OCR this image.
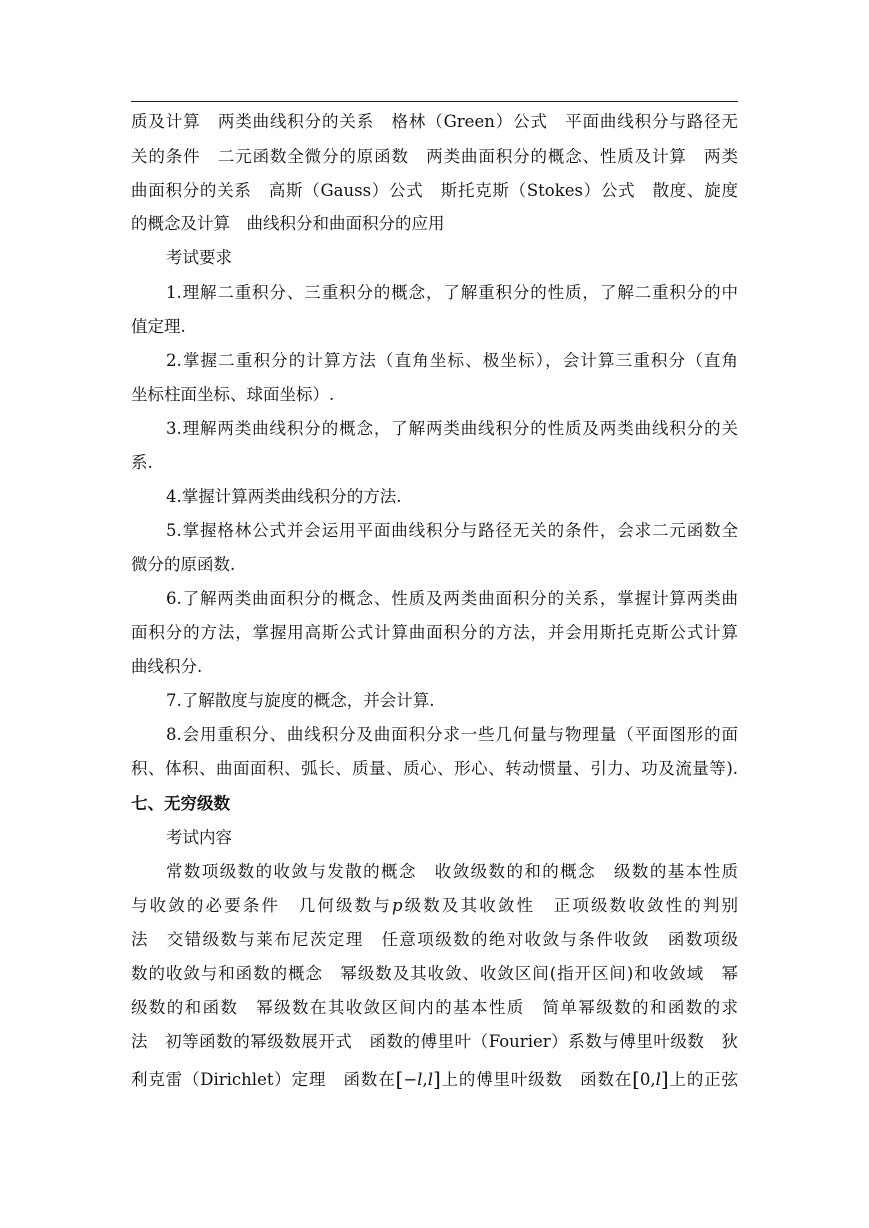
质及计算　两类曲线积分的关系　格林（Green）公式　平面曲线积分与路径无
关的条件　二元函数全微分的原函数　两类曲面积分的概念、性质及计算　两类
曲面积分的关系　高斯（Gauss）公式　斯托克斯（Stokes）公式　散度、旋度
的概念及计算　曲线积分和曲面积分的应用
考试要求
1.理解二重积分、三重积分的概念，了解重积分的性质，了解二重积分的中
值定理.
2.掌握二重积分的计算方法（直角坐标、极坐标），会计算三重积分（直角
坐标柱面坐标、球面坐标）.
3.理解两类曲线积分的概念，了解两类曲线积分的性质及两类曲线积分的关
系.
4.掌握计算两类曲线积分的方法.
5.掌握格林公式并会运用平面曲线积分与路径无关的条件，会求二元函数全
微分的原函数.
6.了解两类曲面积分的概念、性质及两类曲面积分的关系，掌握计算两类曲
面积分的方法，掌握用高斯公式计算曲面积分的方法，并会用斯托克斯公式计算
曲线积分.
7.了解散度与旋度的概念，并会计算.
8.会用重积分、曲线积分及曲面积分求一些几何量与物理量（平面图形的面
积、体积、曲面面积、弧长、质量、质心、形心、转动惯量、引力、功及流量等).
七、无穷级数
考试内容
常数项级数的收敛与发散的概念　收敛级数的和的概念　级数的基本性质
与收敛的必要条件　几何级数与p级数及其收敛性　正项级数收敛性的判别
法　交错级数与莱布尼茨定理　任意项级数的绝对收敛与条件收敛　函数项级
数的收敛与和函数的概念　幂级数及其收敛、收敛区间(指开区间)和收敛域　幂
级数的和函数　幂级数在其收敛区间内的基本性质　简单幂级数的和函数的求
法　初等函数的幂级数展开式　函数的傅里叶（Fourier）系数与傅里叶级数　狄
利克雷（Dirichlet）定理　函数在[−l,l]上的傅里叶级数　函数在[0,l]上的正弦
